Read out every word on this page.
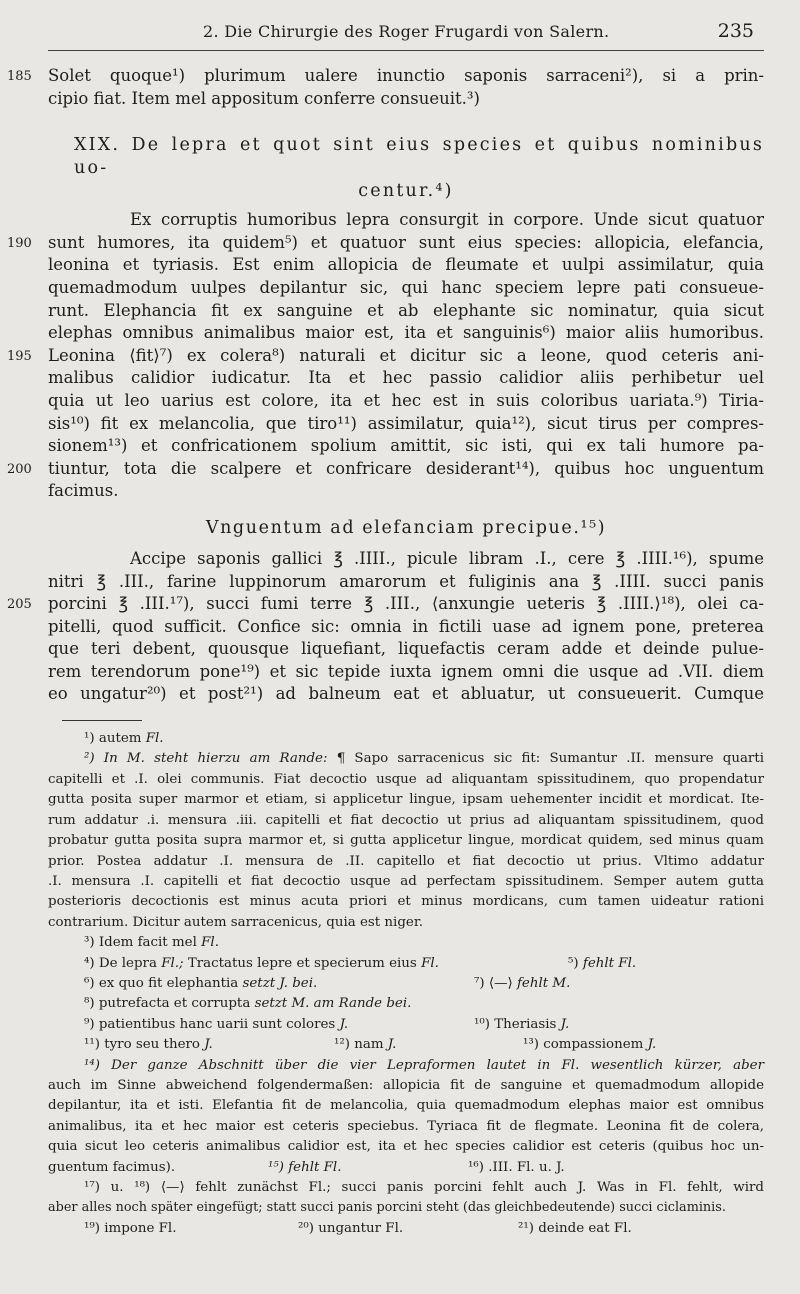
2. Die Chirurgie des Roger Frugardi von Salern.	235
185 Solet quoque¹) plurimum ualere inunctio saponis sarraceni²), si a prin-
cipio fiat. Item mel appositum conferre consueuit.³)
XIX. De lepra et quot sint eius species et quibus nominibus uo-
centur.⁴)
Ex corruptis humoribus lepra consurgit in corpore. Unde sicut quatuor
190 sunt humores, ita quidem⁵) et quatuor sunt eius species: allopicia, elefancia,
leonina et tyriasis. Est enim allopicia de fleumate et uulpi assimilatur, quia
quemadmodum uulpes depilantur sic, qui hanc speciem lepre pati consueue-
runt. Elephancia fit ex sanguine et ab elephante sic nominatur, quia sicut
elephas omnibus animalibus maior est, ita et sanguinis⁶) maior aliis humoribus.
195 Leonina ⟨fit⟩⁷) ex colera⁸) naturali et dicitur sic a leone, quod ceteris ani-
malibus calidior iudicatur. Ita et hec passio calidior aliis perhibetur uel
quia ut leo uarius est colore, ita et hec est in suis coloribus uariata.⁹) Tiria-
sis¹⁰) fit ex melancolia, que tiro¹¹) assimilatur, quia¹²), sicut tirus per compres-
sionem¹³) et confricationem spolium amittit, sic isti, qui ex tali humore pa-
200 tiuntur, tota die scalpere et confricare desiderant¹⁴), quibus hoc unguentum
facimus.
Vnguentum ad elefanciam precipue.¹⁵)
Accipe saponis gallici ℥ .IIII., picule libram .I., cere ℥ .IIII.¹⁶), spume
nitri ℥ .III., farine luppinorum amarorum et fuliginis ana ℥ .IIII. succi panis
205 porcini ℥ .III.¹⁷), succi fumi terre ℥ .III., ⟨anxungie ueteris ℥ .IIII.⟩¹⁸), olei ca-
pitelli, quod sufficit. Confice sic: omnia in fictili uase ad ignem pone, preterea
que teri debent, quousque liquefiant, liquefactis ceram adde et deinde pulue-
rem terendorum pone¹⁹) et sic tepide iuxta ignem omni die usque ad .VII. diem
eo ungatur²⁰) et post²¹) ad balneum eat et abluatur, ut consueuerit. Cumque
¹) autem Fl.
²) In M. steht hierzu am Rande: ¶ Sapo sarracenicus sic fit: Sumantur .II. mensure quarti
capitelli et .I. olei communis. Fiat decoctio usque ad aliquantam spissitudinem, quo propendatur
gutta posita super marmor et etiam, si applicetur lingue, ipsam uehementer incidit et mordicat. Ite-
rum addatur .i. mensura .iii. capitelli et fiat decoctio ut prius ad aliquantam spissitudinem, quod
probatur gutta posita supra marmor et, si gutta applicetur lingue, mordicat quidem, sed minus quam
prior. Postea addatur .I. mensura de .II. capitello et fiat decoctio ut prius. Vltimo addatur
.I. mensura .I. capitelli et fiat decoctio usque ad perfectam spissitudinem. Semper autem gutta
posterioris decoctionis est minus acuta priori et minus mordicans, cum tamen uideatur rationi
contrarium. Dicitur autem sarracenicus, quia est niger.
³) Idem facit mel Fl.
⁴) De lepra Fl.; Tractatus lepre et specierum eius Fl.	⁵) fehlt Fl.
⁶) ex quo fit elephantia setzt J. bei.	⁷) ⟨—⟩ fehlt M.
⁸) putrefacta et corrupta setzt M. am Rande bei.
⁹) patientibus hanc uarii sunt colores J.	¹⁰) Theriasis J.
¹¹) tyro seu thero J.	¹²) nam J.	¹³) compassionem J.
¹⁴) Der ganze Abschnitt über die vier Lepraformen lautet in Fl. wesentlich kürzer, aber
auch im Sinne abweichend folgendermaßen: allopicia fit de sanguine et quemadmodum allopide
depilantur, ita et isti. Elefantia fit de melancolia, quia quemadmodum elephas maior est omnibus
animalibus, ita et hec maior est ceteris speciebus. Tyriaca fit de flegmate. Leonina fit de colera,
quia sicut leo ceteris animalibus calidior est, ita et hec species calidior est ceteris (quibus hoc un-
guentum facimus).	¹⁵) fehlt Fl.	¹⁶) .III. Fl. u. J.
¹⁷) u. ¹⁸) ⟨—⟩ fehlt zunächst Fl.; succi panis porcini fehlt auch J. Was in Fl. fehlt, wird
aber alles noch später eingefügt; statt succi panis porcini steht (das gleichbedeutende) succi ciclaminis.
¹⁹) impone Fl.	²⁰) ungantur Fl.	²¹) deinde eat Fl.
